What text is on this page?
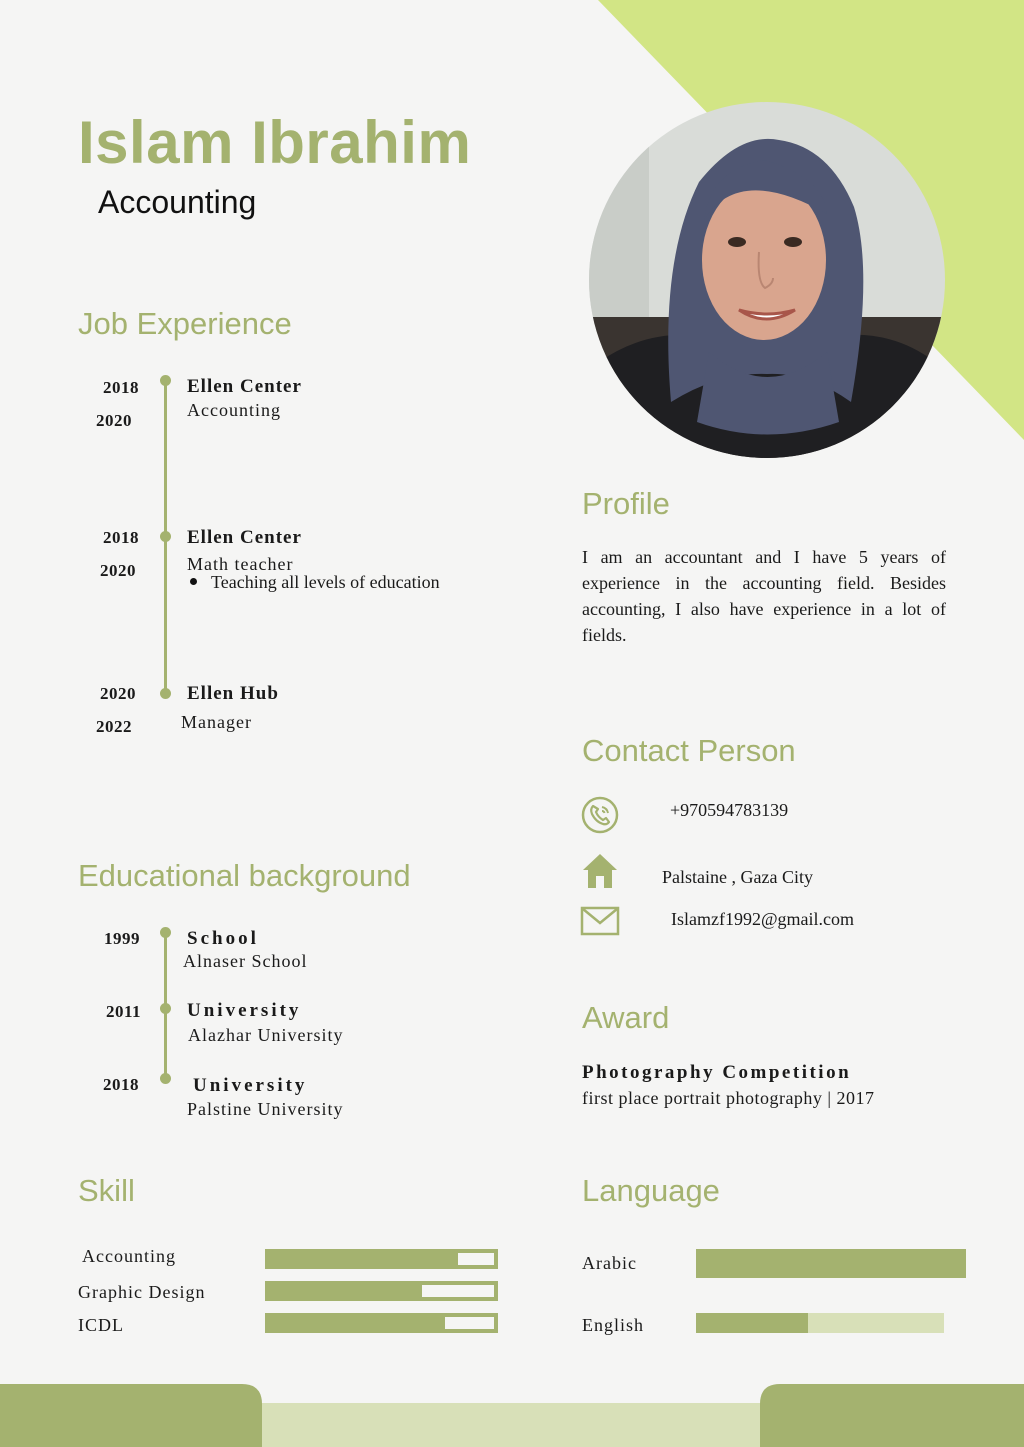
Islam Ibrahim
Accounting
Job Experience
2018
2020
Ellen Center
Accounting
2018
2020
Ellen Center
Math teacher
Teaching all levels of education
2020
2022
Ellen Hub
Manager
Educational background
1999 School
Alnaser School
2011 University
Alazhar University
2018	University
Palstine University
Profile
I am an accountant and I have 5 years of experience in the accounting field. Besides accounting, I also have experience in a lot of fields.
Contact Person
+970594783139
Palstaine , Gaza City
Islamzf1992@gmail.com
Award
Photography Competition
first place portrait photography | 2017
Skill
Accounting
Graphic Design
ICDL
Language
Arabic
English
